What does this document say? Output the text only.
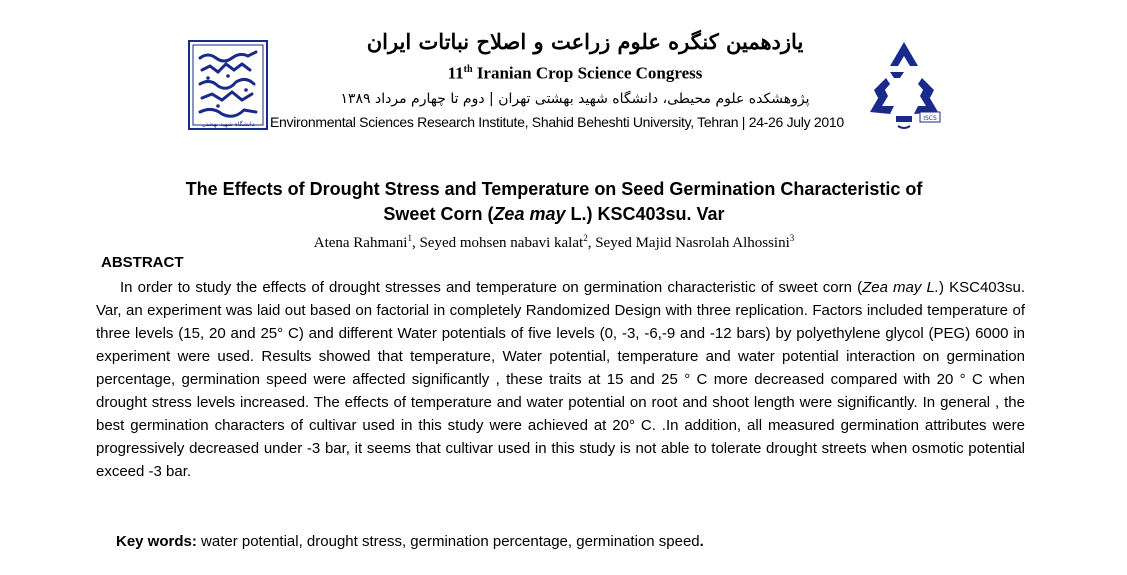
دانشگاه شهید بهشتی
ISCS
یازدهمین کنگره علوم زراعت و اصلاح نباتات ایران
11th Iranian Crop Science Congress
پژوهشکده علوم محیطی، دانشگاه شهید بهشتی تهران | دوم تا چهارم مرداد ۱۳۸۹
Environmental Sciences Research Institute, Shahid Beheshti University, Tehran | 24-26 July 2010
The Effects of Drought Stress and Temperature on Seed Germination Characteristic of
Sweet Corn (Zea may L.) KSC403su. Var
Atena Rahmani$^1$, Seyed mohsen nabavi kalat$^2$, Seyed Majid Nasrolah Alhossini$^3$
ABSTRACT
In order to study the effects of drought stresses and temperature on germination characteristic of sweet corn (Zea may L.) KSC403su. Var, an experiment was laid out based on factorial in completely Randomized Design with three replication. Factors included temperature of three levels (15, 20 and 25° C) and different Water potentials of five levels (0, -3, -6,-9 and -12 bars) by polyethylene glycol (PEG) 6000 in experiment were used. Results showed that temperature, Water potential, temperature and water potential interaction on germination percentage, germination speed were affected significantly , these traits at 15 and 25 ° C more decreased compared with 20 ° C when drought stress levels increased. The effects of temperature and water potential on root and shoot length were significantly. In general , the best germination characters of cultivar used in this study were achieved at 20° C. .In addition, all measured germination attributes were progressively decreased under -3 bar, it seems that cultivar used in this study is not able to tolerate drought streets when osmotic potential exceed -3 bar.
Key words: water potential, drought stress, germination percentage, germination speed.
